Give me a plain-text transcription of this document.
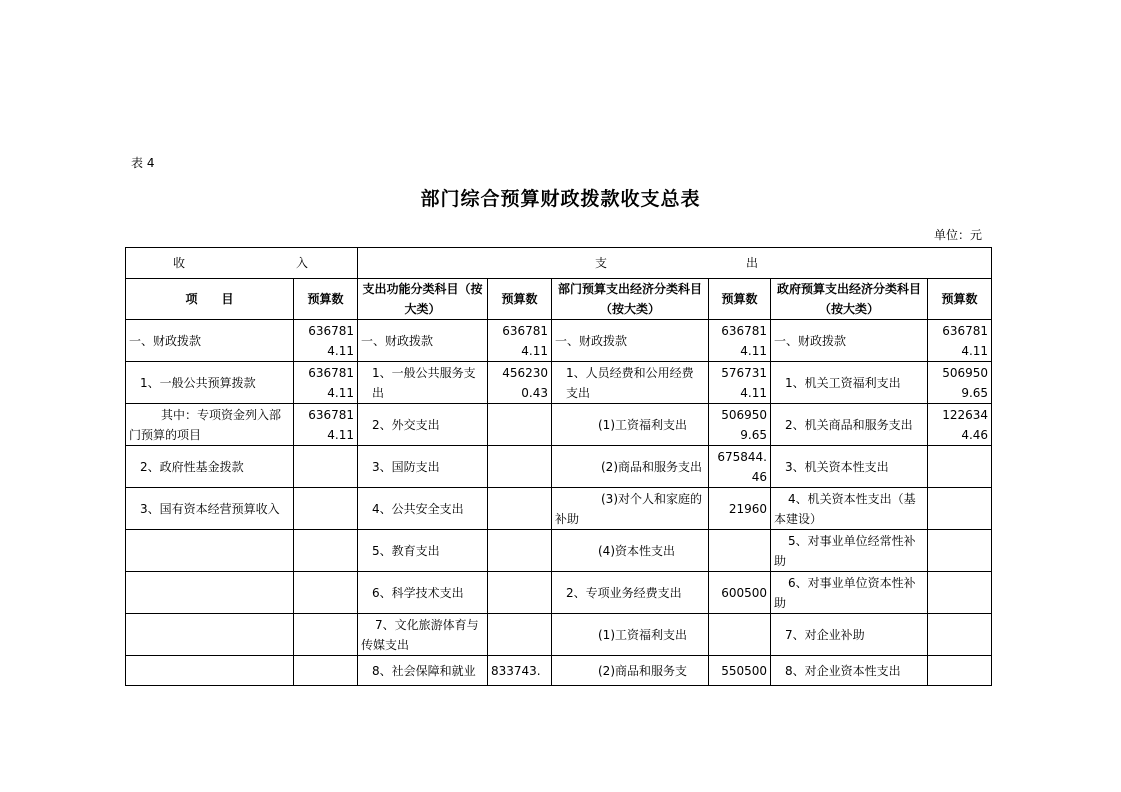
表 4
部门综合预算财政拨款收支总表
单位：元
收 入		支 出					

项　　目	预算数	支出功能分类科目（按大类）	预算数	部门预算支出经济分类科目（按大类）	预算数	政府预算支出经济分类科目（按大类）	预算数
一、财政拨款	6367814.11	一、财政拨款	6367814.11	一、财政拨款	6367814.11	一、财政拨款	6367814.11
1、一般公共预算拨款	6367814.11	1、一般公共服务支出	4562300.43	1、人员经费和公用经费支出	5767314.11	1、机关工资福利支出	5069509.65
其中：专项资金列入部门预算的项目	6367814.11	2、外交支出		(1)工资福利支出	5069509.65	2、机关商品和服务支出	1226344.46
2、政府性基金拨款		3、国防支出		(2)商品和服务支出	675844.46	3、机关资本性支出	
3、国有资本经营预算收入		4、公共安全支出		(3)对个人和家庭的补助	21960	4、机关资本性支出（基本建设）	
		5、教育支出		(4)资本性支出		5、对事业单位经常性补助	
		6、科学技术支出		2、专项业务经费支出	600500	6、对事业单位资本性补助	
		7、文化旅游体育与传媒支出		(1)工资福利支出		7、对企业补助	
		8、社会保障和就业	833743.	(2)商品和服务支	550500	8、对企业资本性支出	
